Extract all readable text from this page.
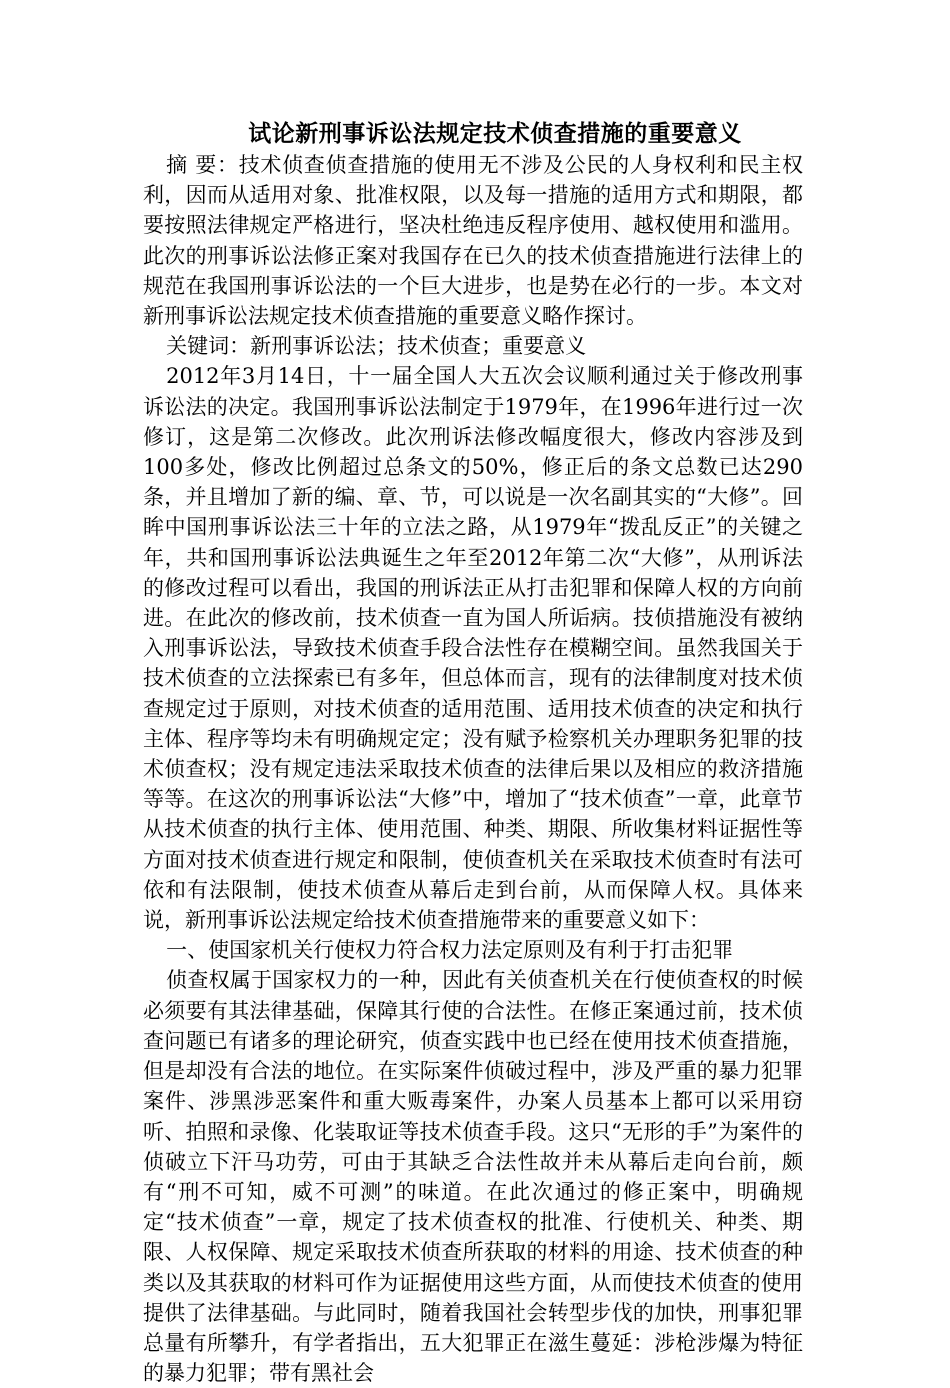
试论新刑事诉讼法规定技术侦查措施的重要意义

摘 要：技术侦查侦查措施的使用无不涉及公民的人身权利和民主权利，因而从适用对象、批准权限，以及每一措施的适用方式和期限，都要按照法律规定严格进行，坚决杜绝违反程序使用、越权使用和滥用。此次的刑事诉讼法修正案对我国存在已久的技术侦查措施进行法律上的规范在我国刑事诉讼法的一个巨大进步，也是势在必行的一步。本文对新刑事诉讼法规定技术侦查措施的重要意义略作探讨。

关键词：新刑事诉讼法；技术侦查；重要意义

2012年3月14日，十一届全国人大五次会议顺利通过关于修改刑事诉讼法的决定。我国刑事诉讼法制定于1979年，在1996年进行过一次修订，这是第二次修改。此次刑诉法修改幅度很大，修改内容涉及到100多处，修改比例超过总条文的50%，修正后的条文总数已达290条，并且增加了新的编、章、节，可以说是一次名副其实的“大修”。回眸中国刑事诉讼法三十年的立法之路，从1979年“拨乱反正”的关键之年，共和国刑事诉讼法典诞生之年至2012年第二次“大修”，从刑诉法的修改过程可以看出，我国的刑诉法正从打击犯罪和保障人权的方向前进。在此次的修改前，技术侦查一直为国人所诟病。技侦措施没有被纳入刑事诉讼法，导致技术侦查手段合法性存在模糊空间。虽然我国关于技术侦查的立法探索已有多年，但总体而言，现有的法律制度对技术侦查规定过于原则，对技术侦查的适用范围、适用技术侦查的决定和执行主体、程序等均未有明确规定定；没有赋予检察机关办理职务犯罪的技术侦查权；没有规定违法采取技术侦查的法律后果以及相应的救济措施等等。在这次的刑事诉讼法“大修”中，增加了“技术侦查”一章，此章节从技术侦查的执行主体、使用范围、种类、期限、所收集材料证据性等方面对技术侦查进行规定和限制，使侦查机关在采取技术侦查时有法可依和有法限制，使技术侦查从幕后走到台前，从而保障人权。具体来说，新刑事诉讼法规定给技术侦查措施带来的重要意义如下：

一、使国家机关行使权力符合权力法定原则及有利于打击犯罪

侦查权属于国家权力的一种，因此有关侦查机关在行使侦查权的时候必须要有其法律基础，保障其行使的合法性。在修正案通过前，技术侦查问题已有诸多的理论研究，侦查实践中也已经在使用技术侦查措施，但是却没有合法的地位。在实际案件侦破过程中，涉及严重的暴力犯罪案件、涉黑涉恶案件和重大贩毒案件，办案人员基本上都可以采用窃听、拍照和录像、化装取证等技术侦查手段。这只“无形的手”为案件的侦破立下汗马功劳，可由于其缺乏合法性故并未从幕后走向台前，颇有“刑不可知，威不可测”的味道。在此次通过的修正案中，明确规定“技术侦查”一章，规定了技术侦查权的批准、行使机关、种类、期限、人权保障、规定采取技术侦查所获取的材料的用途、技术侦查的种类以及其获取的材料可作为证据使用这些方面，从而使技术侦查的使用提供了法律基础。与此同时，随着我国社会转型步伐的加快，刑事犯罪总量有所攀升，有学者指出，五大犯罪正在滋生蔓延：涉枪涉爆为特征的暴力犯罪；带有黑社会
